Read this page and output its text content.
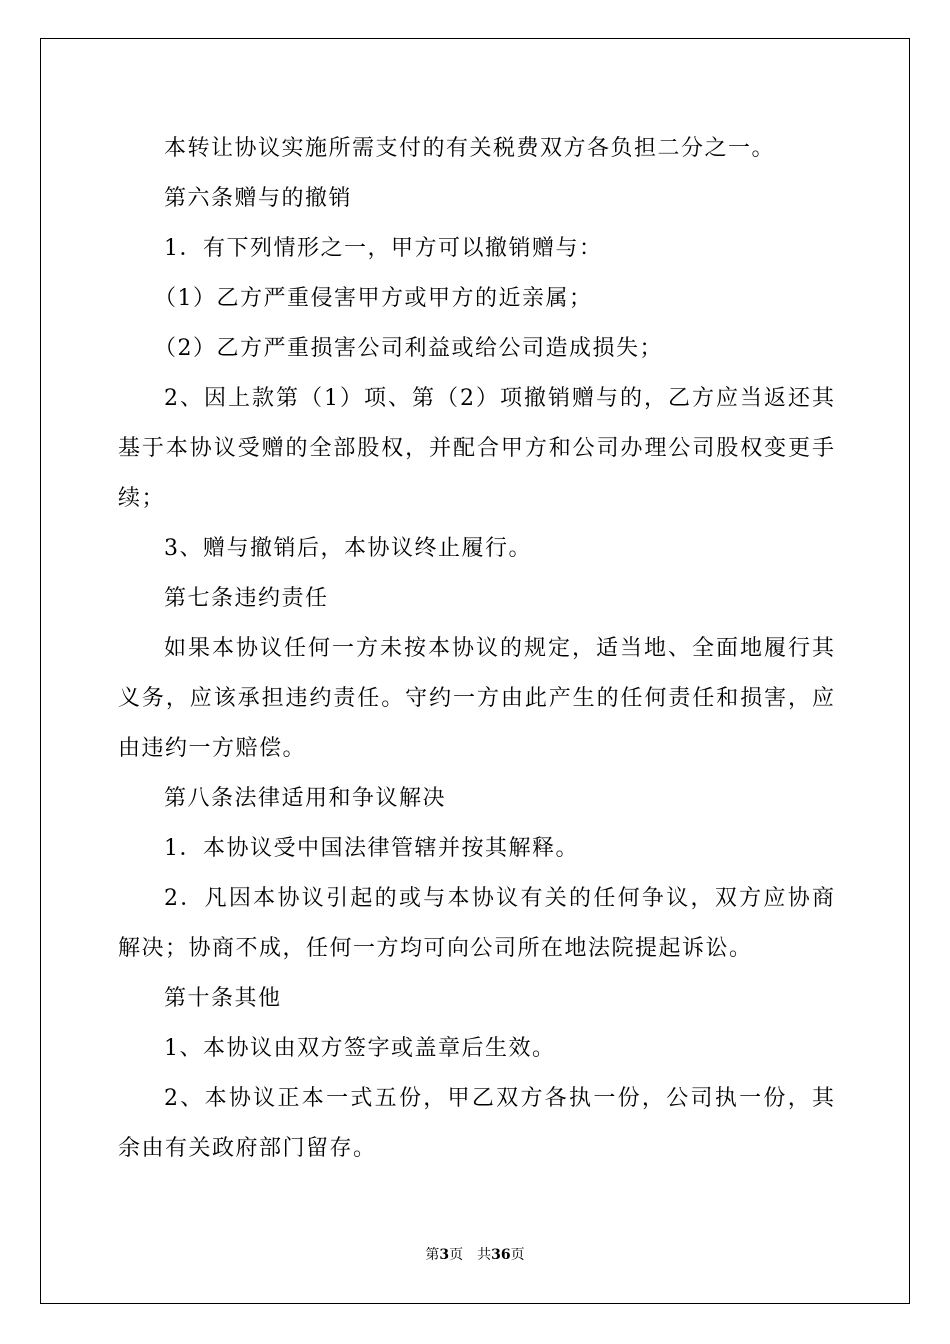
本转让协议实施所需支付的有关税费双方各负担二分之一。

第六条赠与的撤销

1．有下列情形之一，甲方可以撤销赠与：

（1）乙方严重侵害甲方或甲方的近亲属；

（2）乙方严重损害公司利益或给公司造成损失；

2、因上款第（1）项、第（2）项撤销赠与的，乙方应当返还其

基于本协议受赠的全部股权，并配合甲方和公司办理公司股权变更手

续；

3、赠与撤销后，本协议终止履行。

第七条违约责任

如果本协议任何一方未按本协议的规定，适当地、全面地履行其

义务，应该承担违约责任。守约一方由此产生的任何责任和损害，应

由违约一方赔偿。

第八条法律适用和争议解决

1．本协议受中国法律管辖并按其解释。

2．凡因本协议引起的或与本协议有关的任何争议，双方应协商

解决；协商不成，任何一方均可向公司所在地法院提起诉讼。

第十条其他

1、本协议由双方签字或盖章后生效。

2、本协议正本一式五份，甲乙双方各执一份，公司执一份，其

余由有关政府部门留存。

第3页 共36页
